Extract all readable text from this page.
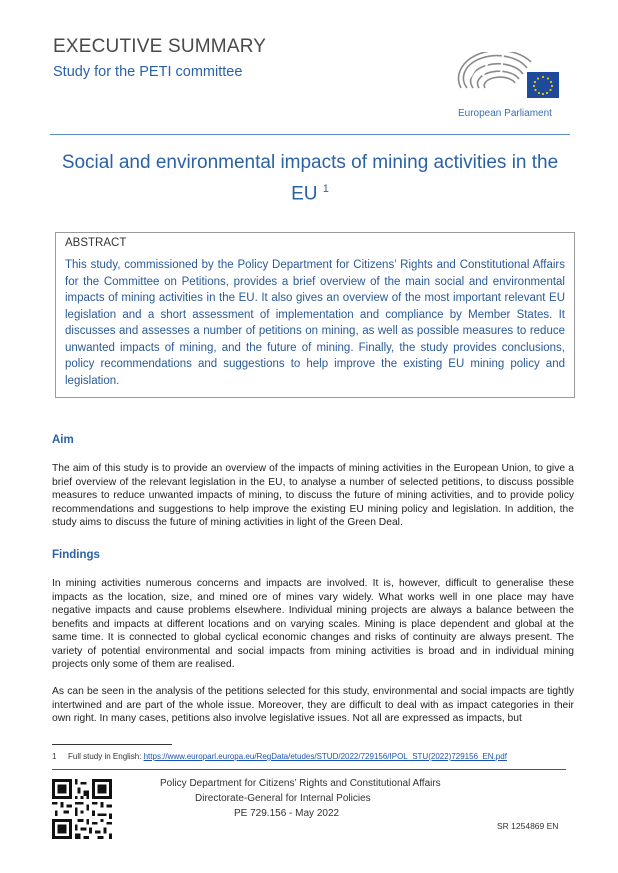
EXECUTIVE SUMMARY
Study for the PETI committee
European Parliament
Social and environmental impacts of mining activities in the EU $^1$
ABSTRACT
This study, commissioned by the Policy Department for Citizens’ Rights and Constitutional Affairs for the Committee on Petitions, provides a brief overview of the main social and environmental impacts of mining activities in the EU. It also gives an overview of the most important relevant EU legislation and a short assessment of implementation and compliance by Member States. It discusses and assesses a number of petitions on mining, as well as possible measures to reduce unwanted impacts of mining, and the future of mining. Finally, the study provides conclusions, policy recommendations and suggestions to help improve the existing EU mining policy and legislation.
Aim
The aim of this study is to provide an overview of the impacts of mining activities in the European Union, to give a brief overview of the relevant legislation in the EU, to analyse a number of selected petitions, to discuss possible measures to reduce unwanted impacts of mining, to discuss the future of mining activities, and to provide policy recommendations and suggestions to help improve the existing EU mining policy and legislation. In addition, the study aims to discuss the future of mining activities in light of the Green Deal.
Findings
In mining activities numerous concerns and impacts are involved. It is, however, difficult to generalise these impacts as the location, size, and mined ore of mines vary widely. What works well in one place may have negative impacts and cause problems elsewhere. Individual mining projects are always a balance between the benefits and impacts at different locations and on varying scales. Mining is place dependent and global at the same time. It is connected to global cyclical economic changes and risks of continuity are always present. The variety of potential environmental and social impacts from mining activities is broad and in individual mining projects only some of them are realised.
As can be seen in the analysis of the petitions selected for this study, environmental and social impacts are tightly intertwined and are part of the whole issue. Moreover, they are difficult to deal with as impact categories in their own right. In many cases, petitions also involve legislative issues. Not all are expressed as impacts, but
1 Full study in English: https://www.europarl.europa.eu/RegData/etudes/STUD/2022/729156/IPOL_STU(2022)729156_EN.pdf
Policy Department for Citizens’ Rights and Constitutional Affairs
Directorate-General for Internal Policies
PE 729.156 - May 2022
SR 1254869 EN
